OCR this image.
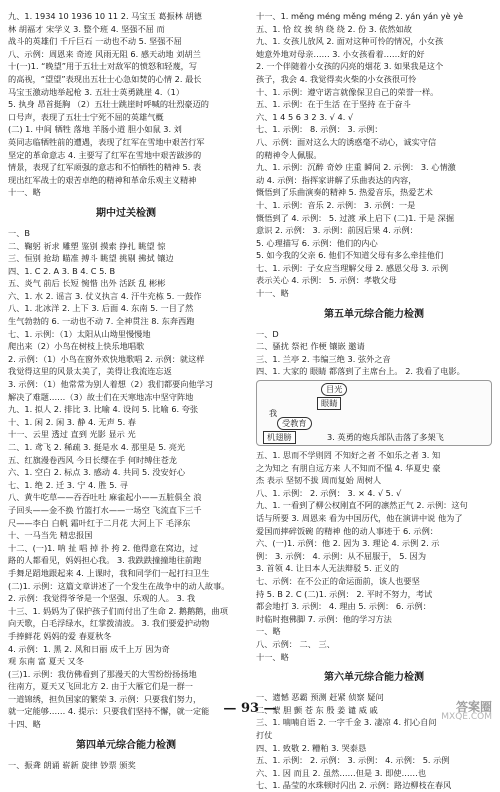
九、1. 1934 10 1936 10 11 2. 马宝玉 葛振林 胡德
林 胡福才 宋学义 3. 整个班 4. 坚强不屈 而
战斗的英雄们 千斤巨石 一动也不动 5. 坚强不屈
八、示例：周恩来 奇迹 风雨无阻 6. 感天动地 刘胡兰
十(一)1. “晚望”用于五壮士对敌军的愤怒和轻蔑，写
的高视，“望望”表现出五壮士心急如焚的心情 2. 最长
马宝玉激动地举起枪 3. 五壮士英勇跳崖 4.（1）
5. 执身 昂首挺胸 （2）五壮士跳崖时呼喊的壮烈豪迈的
口号声，表现了五壮士宁死不屈的英雄气概
(二) 1. 中间 牺牲 落地 羊肠小道 胆小如鼠 3. 刘
英同志临牺牲前的遭遇，表现了红军在雪地中艰苦行军
坚定的革命意志 4. 主要写了红军在雪地中艰苦跋涉的
情景，表现了红军顽强的意志和不怕牺牲的精神 5. 表
现出红军战士的艰苦卓绝的精神和革命乐观主义精神
十一、略
期中过关检测
一、B
二、鞠躬 祈求 雕塑 鉴别 摸索 挣扎 眺望 惊
三、恒别 抢劫 瞄准 搏斗 眺望 挑剔 拂拭 镶边
四、1. C 2. A 3. B 4. C 5. B
五、炎气 前后 长短 惋惜 出外 活跃 乱 彬彬
六、1. 水 2. 谣言 3. 仗义执言 4. 汗牛充栋 5. 一鼓作
八、1. 北冰洋 2. 上下 3. 后面 4. 东南 5. 一目了然
生气勃勃的 6. 一动也不动 7. 全神贯注 8. 东奔西跑
七、1. 示例：（1）太阳从山坳里慢慢地
爬出来（2）小鸟在树枝上快乐地唱歌
2. 示例：（1）小鸟在窗外欢快地歌唱 2. 示例：就这样
我觉得这里的风景太美了，美得让我流连忘返
3. 示例：（1）他常常为别人着想（2）我们都要向他学习
解决了难题……（3）故士们在天寒地冻中坚守阵地
九、1. 拟人 2. 排比 3. 比喻 4. 设问 5. 比喻 6. 夸张
十、1. 闲 2. 闲 3. 静 4. 无声 5. 春
十一、云里 透过 直到 光影 显示 光
二、1. 鸢飞 2. 稀疏 3. 挺是水 4. 那里是 5. 亮光
五、红旗漫卷西风 今日长缨在手 何时缚住苍龙
六、1. 空白 2. 标点 3. 感动 4. 共同 5. 没安好心
七、1. 绝 2. 迁 3. 宁 4. 胜 5. 寻
八、黄牛吃草——吞吞吐吐 麻雀起小——五脏俱全 浪
子回头——金不换 竹篮打水——一场空 飞流直下三千
尺——李白 白帆 霜叶红于二月花 大河上下 毛泽东
十、一马当先 精忠报国
十二、(一)1. 呐 扯 唱 掉 扑 挎 2. 他得意在窝边，过
路的人都看见，妈妈担心我。 3. 我跌跌撞撞地往前跑
手舞足蹈地跟起来 4. 上课时，我和同学们一起打扫卫生
(二)1. 示例：这篇文章讲述了一个发生在战争中的动人故事。
2. 示例：我觉得爷爷是一个坚强、乐观的人。 3. 我
十三、1. 妈妈为了保护孩子们而付出了生命 2. 鹅鹅鹅，曲项
向天歌，白毛浮绿水，红掌拨清波。 3. 我们要爱护动物
手捧鲜花 妈妈的爱 春夏秋冬
4. 示例：1. 黑 2. 风和日丽 成千上万 因为奇
观 东南 富 夏天 又冬
(三)1. 示例：我仿佛看到了那漫天的大雪纷纷扬扬地
往南方，夏天又飞回北方 2. 由于大雁它们是一群一
一道锦绣，担负国家的繁荣 3. 示例：只要我们努力，
就一定能够…… 4. 提示：只要我们坚持不懈，就一定能
十四、略
第四单元综合能力检测
一、振聋 朗诵 崭新 旋律 钞票 颁奖
十一、1. měng méng měng méng 2. yán yán yè yè
五、1. 恰 纹 挨 纳 绕 绕 2. 份 3. 依然如故
九、1. 女孩儿放风 2. 面对这种可怜的情况，小女孩
她意外地对母亲…… 3. 小女孩看着……好的好
2. 一个伴随着小女孩的闪亮的烟花 3. 如果我是这个
孩子，我会 4. 我觉得卖火柴的小女孩很可怜
十、1. 示例：遵守诺言就像保卫自己的荣誉一样。
五、1. 示例：在于生活 在于坚持 在于奋斗
六、1 4 5 6 3 2 3. √ 4. √
七、1. 示例： 8. 示例： 3. 示例：
八、示例：面对这么大的诱惑毫不动心，诚实守信
的精神令人佩服。
九、1. 示例：沉醉 奇妙 庄重 瞬间 2. 示例： 3. 心情激
动 4. 示例：指挥家讲解了乐曲表达的内容，
慨悟到了乐曲演奏的精神 5. 热爱音乐，热爱艺术
十、1. 示例：音乐 2. 示例： 3. 示例：一是
慨悟到了 4. 示例： 5. 过渡 承上启下 (二)1. 于是 深掘
意识 2. 示例： 3. 示例：前因后果 4. 示例：
5. 心理描写 6. 示例：他们的内心
5. 如今我的父亲 6. 他们不知道父母有多么牵挂他们
七、1. 示例：子女应当理解父母 2. 感恩父母 3. 示例
表示关心 4. 示例： 5. 示例：孝敬父母
十一、略
第五单元综合能力检测
一、D
二、骚扰 祭祀 作梗 镶嵌 邀请
三、1. 兰亭 2. 韦编三绝 3. 弦外之音
四、1. 大家的 眼睛 都落到了主席台上。 2. 我看了电影。
目光
眼睛
我
受教育
机翅膀	3. 英勇的炮兵部队击落了多架飞
五、1. 思而不学则罔 不知好之者 不如乐之者 3. 知
之为知之 有朋自远方来 人不知而不愠 4. 华夏史 豪
杰 表示 坚韧不拔 周而复始 周树人
八、1. 示例： 2. 示例： 3. × 4. √ 5. √
九、1. 一看到了柳公权刚直不阿的凛然正气 2. 示例：这句
话与所要 3. 周恩来 看为中国历代，他在演讲中说 他为了
爱国而摔碎饭碗 的精神 他的动人事迹于 6. 示例：
六、(一)1. 示例：他 2. 因为 3. 理论 4. 示例 2. 示
例： 3. 示例： 4. 示例：从不屈服于， 5. 因为
3. 首领 4. 让日本人无法辩驳 5. 正义的
七、示例：在不公正的命运面前，该人也要坚
持 5. B 2. C (二)1. 示例： 2. 平时不努力，考试
都会地打 3. 示例： 4. 理由 5. 示例： 6. 示例：
时临时抱佛脚 7. 示例：他的学习方法
一、略
八、示例： 二、 三、
十一、略
第六单元综合能力检测
一、遗憾 恶霸 预测 赶紧 侦察 疑问
二、蒙 胆 颤 苍 东 殷 姜 谴 威 戚
三、1. 喃喃自语 2. 一字千金 3. 凄凉 4. 扪心自问
打仗
四、1. 致敬 2. 糟粕 3. 哭泰恳
五、1. 示例： 2. 示例： 3. 示例： 4. 示例： 5. 示例
六、1. 因 而且 2. 虽然……但是 3. 即使……也
七、1. 晶莹的水珠顿时闪出 2. 示例：路边柳枝在春风
— 93 —	答案圈
MXQE.COM
